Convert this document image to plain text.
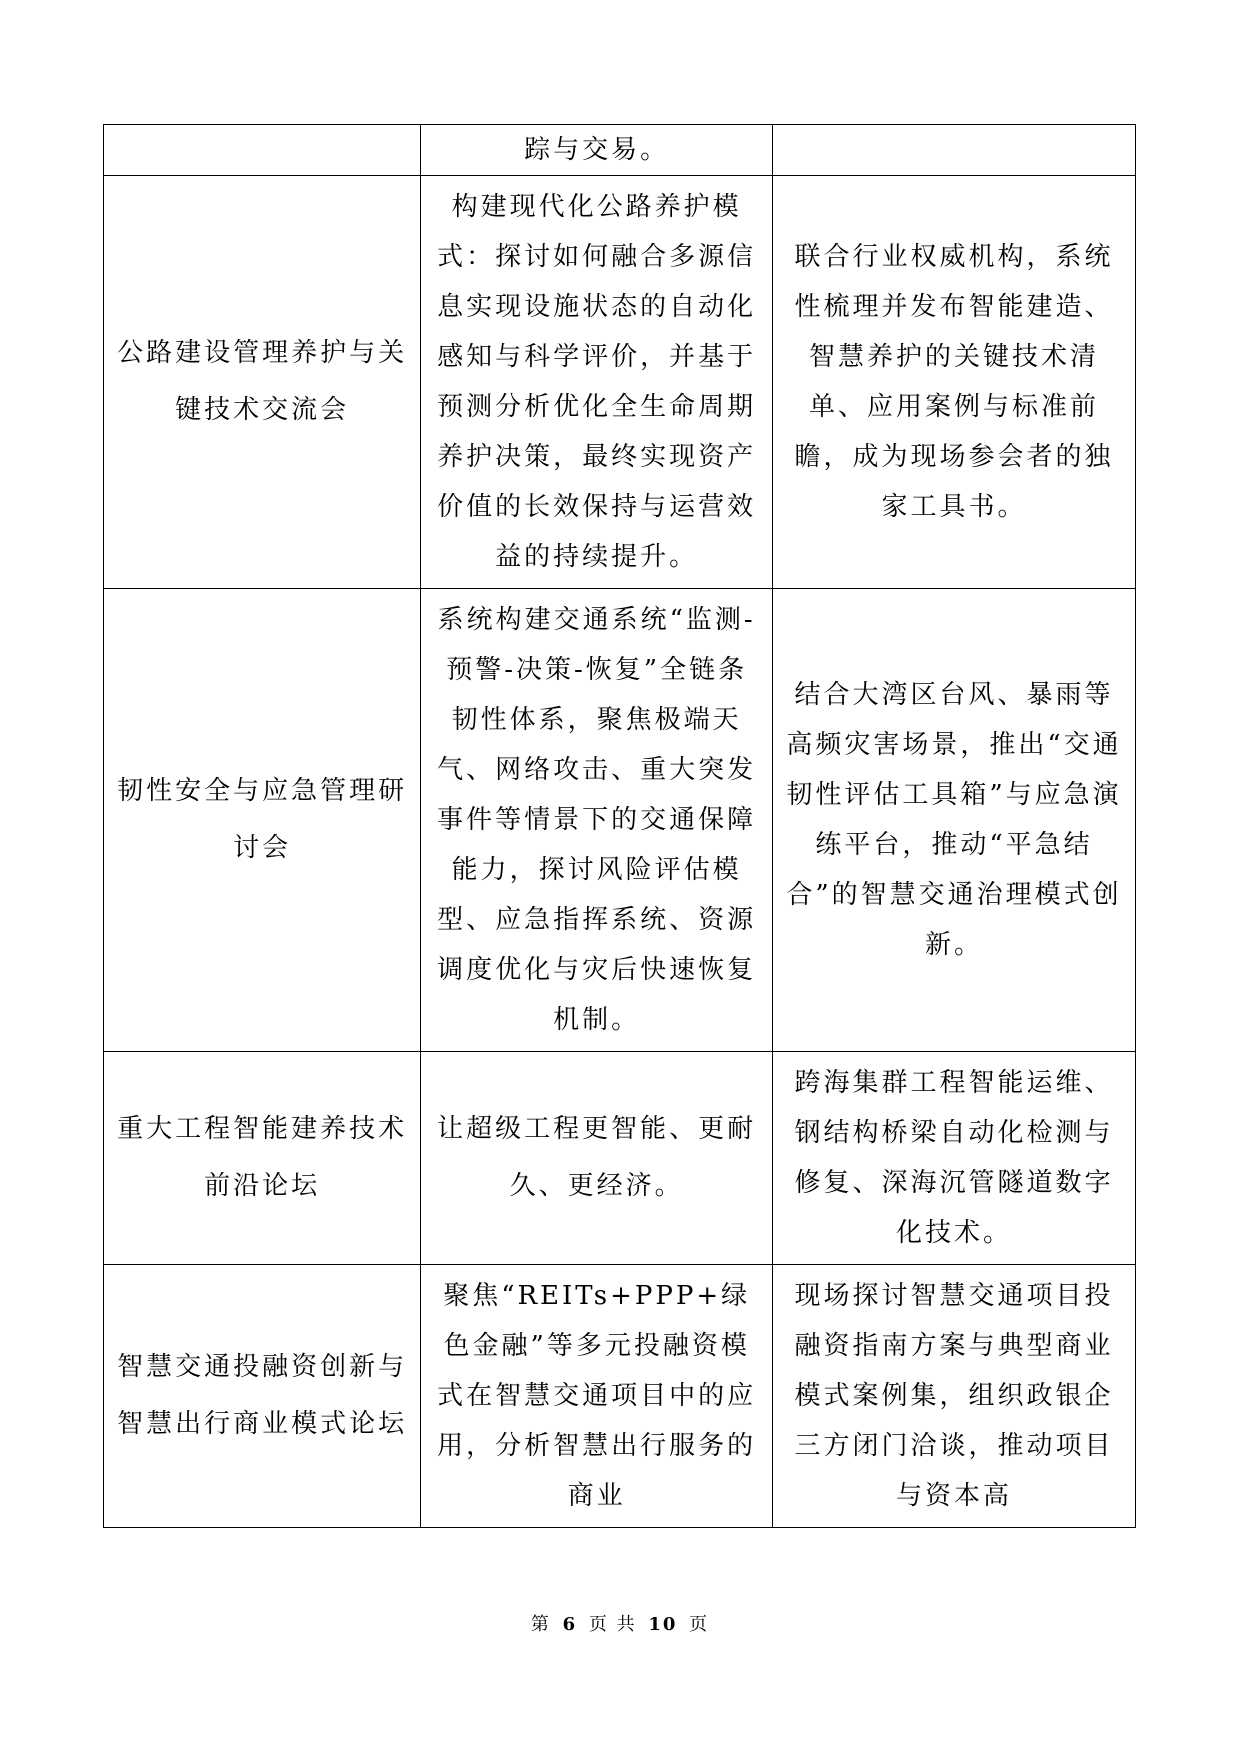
	踪与交易。	
公路建设管理养护与关键技术交流会	构建现代化公路养护模式：探讨如何融合多源信息实现设施状态的自动化感知与科学评价，并基于预测分析优化全生命周期养护决策，最终实现资产价值的长效保持与运营效益的持续提升。	联合行业权威机构，系统性梳理并发布智能建造、智慧养护的关键技术清单、应用案例与标准前瞻，成为现场参会者的独家工具书。
韧性安全与应急管理研讨会	系统构建交通系统“监测-预警-决策-恢复”全链条韧性体系，聚焦极端天气、网络攻击、重大突发事件等情景下的交通保障能力，探讨风险评估模型、应急指挥系统、资源调度优化与灾后快速恢复机制。	结合大湾区台风、暴雨等高频灾害场景，推出“交通韧性评估工具箱”与应急演练平台，推动“平急结合”的智慧交通治理模式创新。
重大工程智能建养技术前沿论坛	让超级工程更智能、更耐久、更经济。	跨海集群工程智能运维、钢结构桥梁自动化检测与修复、深海沉管隧道数字化技术。
智慧交通投融资创新与智慧出行商业模式论坛	聚焦“REITs+PPP+绿色金融”等多元投融资模式在智慧交通项目中的应用，分析智慧出行服务的商业	现场探讨智慧交通项目投融资指南方案与典型商业模式案例集，组织政银企三方闭门洽谈，推动项目与资本高
第 6 页 共 10 页
